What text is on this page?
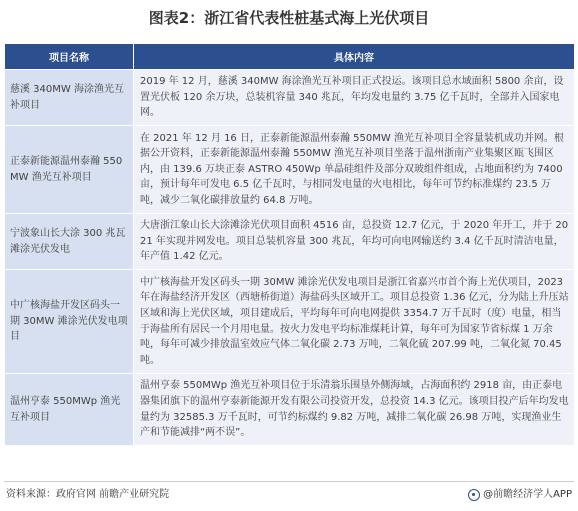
图表2：浙江省代表性桩基式海上光伏项目
项目名称	具体内容
慈溪 340MW 海涂渔光互补项目	2019 年 12 月，慈溪 340MW 海涂渔光互补项目正式投运。该项目总水域面积 5800 余亩，设置光伏板 120 余万块，总装机容量 340 兆瓦，年均发电量约 3.75 亿千瓦时，全部并入国家电网。
正泰新能源温州泰瀚 550MW 渔光互补项目	在 2021 年 12 月 16 日，正泰新能源温州泰瀚 550MW 渔光互补项目全容量装机成功并网。根据公开资料，正泰新能源温州泰瀚 550MW 渔光互补项目坐落于温州浙南产业集聚区瓯飞围区内，由 139.6 万块正泰 ASTRO 450Wp 单晶硅组件及部分双玻组件组成，占地面积约为 7400 亩，预计每年可发电 6.5 亿千瓦时，与相同发电量的火电相比，每年可节约标准煤约 23.5 万吨，减少二氧化碳排放量约 64.8 万吨。
宁波象山长大涂 300 兆瓦滩涂光伏发电	大唐浙江象山长大涂滩涂光伏项目面积 4516 亩，总投资 12.7 亿元，于 2020 年开工，并于 2021 年实现并网发电。项目总装机容量 300 兆瓦，年均可向电网输送约 3.4 亿千瓦时清洁电量，年产值 1.42 亿元。
中广核海盐开发区码头一期 30MW 滩涂光伏发电项目	中广核海盐开发区码头一期 30MW 滩涂光伏发电项目是浙江省嘉兴市首个海上光伏项目，2023 年在海盐经济开发区（西塘桥街道）海盐码头区域开工。项目总投资 1.36 亿元，分为陆上升压站区域和海上光伏区域，项目建成后，平均每年可向电网提供 3354.7 万千瓦时（度）电量，相当于海盐所有居民一个月用电量。按火力发电平均标准煤耗计算，每年可为国家节省标煤 1 万余吨，每年可减少排放温室效应气体二氧化碳 2.73 万吨，二氧化硫 207.99 吨，二氧化氮 70.45 吨。
温州亨泰 550MWp 渔光互补项目	温州亨泰 550MWp 渔光互补项目位于乐清翁乐围垦外侧海域，占海面积约 2918 亩，由正泰电器集团旗下的温州亨泰新能源开发有限公司投资开发，总投资 14.3 亿元。该项目投产后年均发电量约为 32585.3 万千瓦时，可节约标煤约 9.82 万吨，减排二氧化碳 26.98 万吨，实现渔业生产和节能减排“两不误”。
资料来源：政府官网 前瞻产业研究院	@前瞻经济学人APP
